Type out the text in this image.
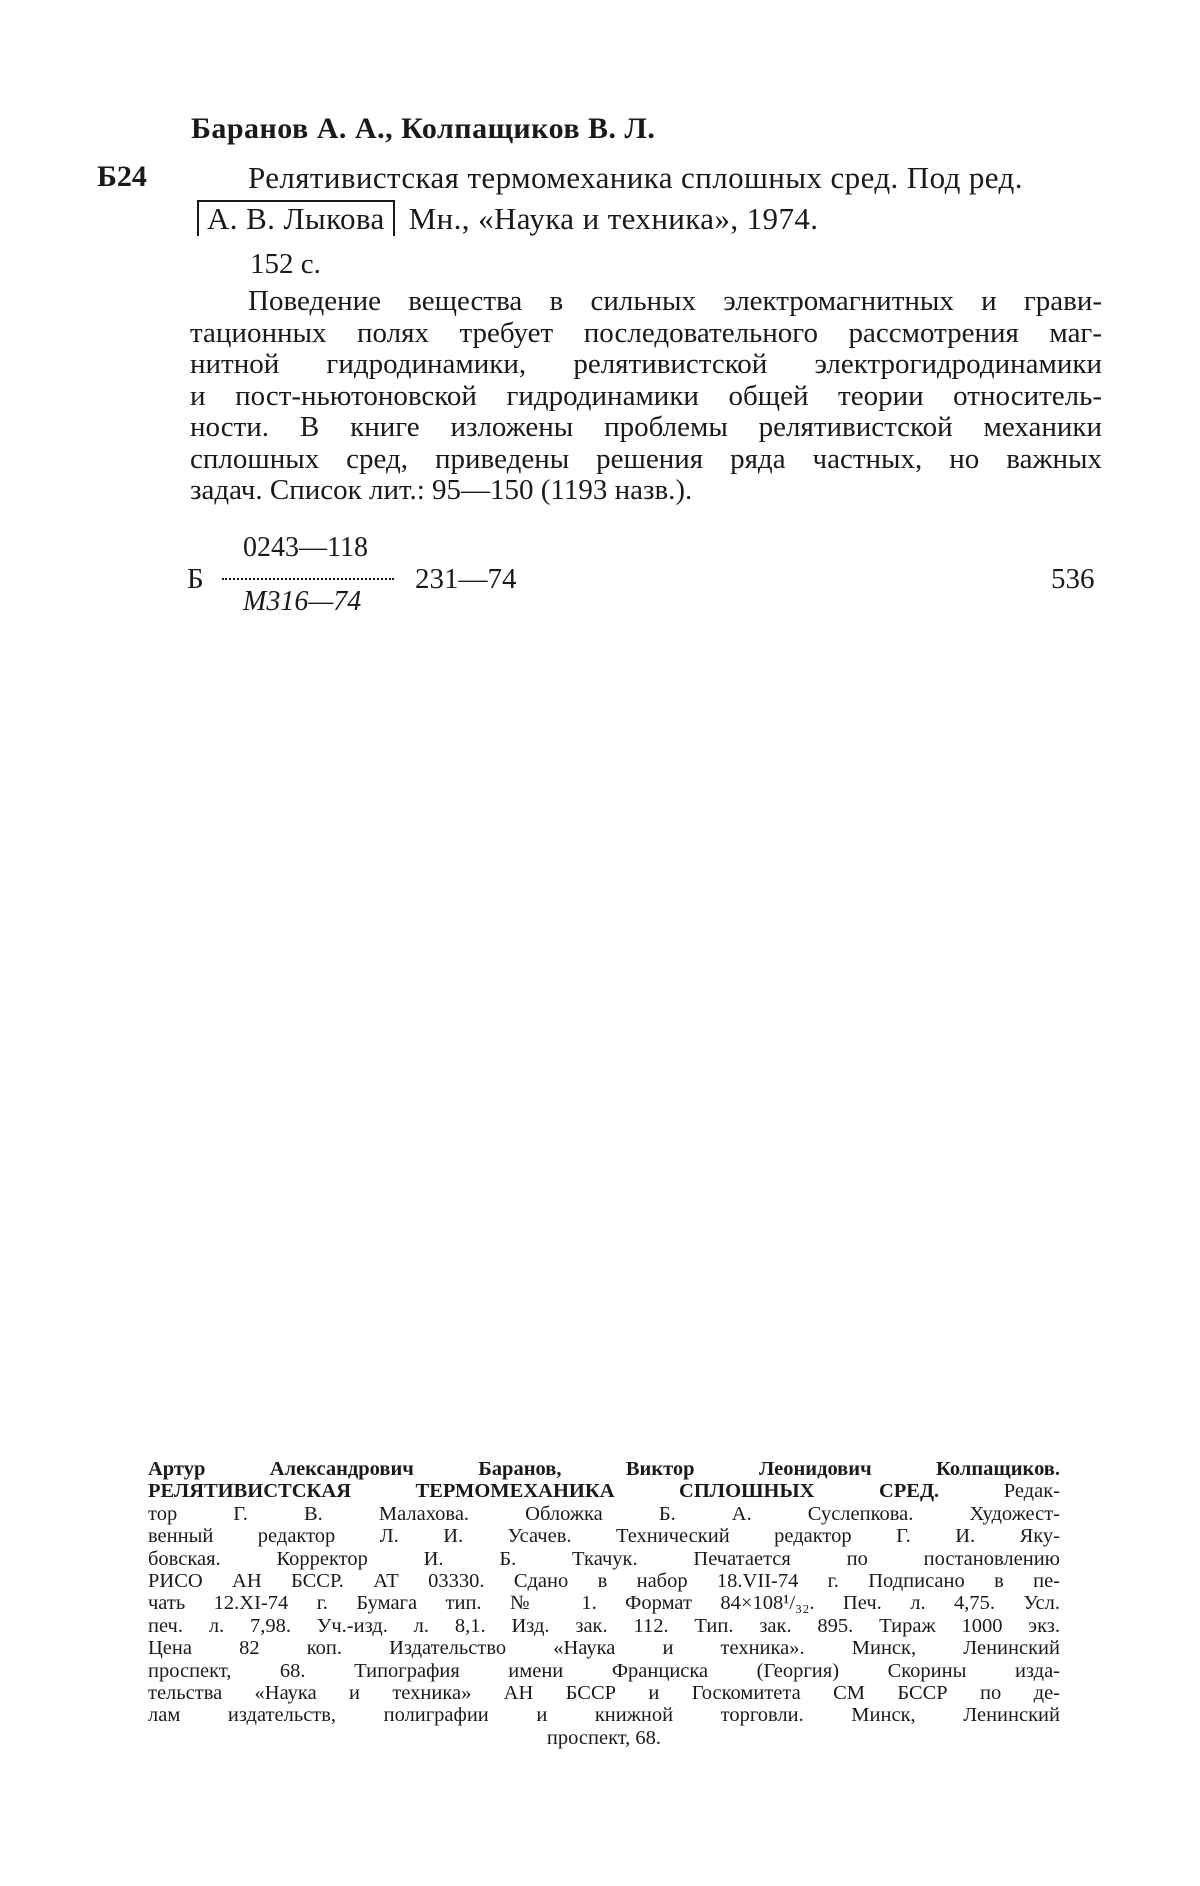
Баранов А. А., Колпащиков В. Л.
Б24	Релятивистская термомеханика сплошных сред. Под ред.
А. В. Лыкова Мн., «Наука и техника», 1974.
152 с.
Поведение вещества в сильных электромагнитных и грави-
тационных полях требует последовательного рассмотрения маг-
нитной гидродинамики, релятивистской электрогидродинамики
и пост-ньютоновской гидродинамики общей теории относитель-
ности. В книге изложены проблемы релятивистской механики
сплошных сред, приведены решения ряда частных, но важных
задач. Список лит.: 95—150 (1193 назв.).
Б
0243—118
М316—74
231—74	536
Артур Александрович Баранов, Виктор Леонидович Колпащиков.
РЕЛЯТИВИСТСКАЯ ТЕРМОМЕХАНИКА СПЛОШНЫХ СРЕД. Редак-
тор Г. В. Малахова. Обложка Б. А. Суслепкова. Художест-
венный редактор Л. И. Усачев. Технический редактор Г. И. Яку-
бовская. Корректор И. Б. Ткачук. Печатается по постановлению
РИСО АН БССР. АТ 03330. Сдано в набор 18.VII-74 г. Подписано в пе-
чать 12.XI-74 г. Бумага тип. № 1. Формат 84×108¹/₃₂. Печ. л. 4,75. Усл.
печ. л. 7,98. Уч.-изд. л. 8,1. Изд. зак. 112. Тип. зак. 895. Тираж 1000 экз.
Цена 82 коп. Издательство «Наука и техника». Минск, Ленинский
проспект, 68. Типография имени Франциска (Георгия) Скорины изда-
тельства «Наука и техника» АН БССР и Госкомитета СМ БССР по де-
лам издательств, полиграфии и книжной торговли. Минск, Ленинский
проспект, 68.
